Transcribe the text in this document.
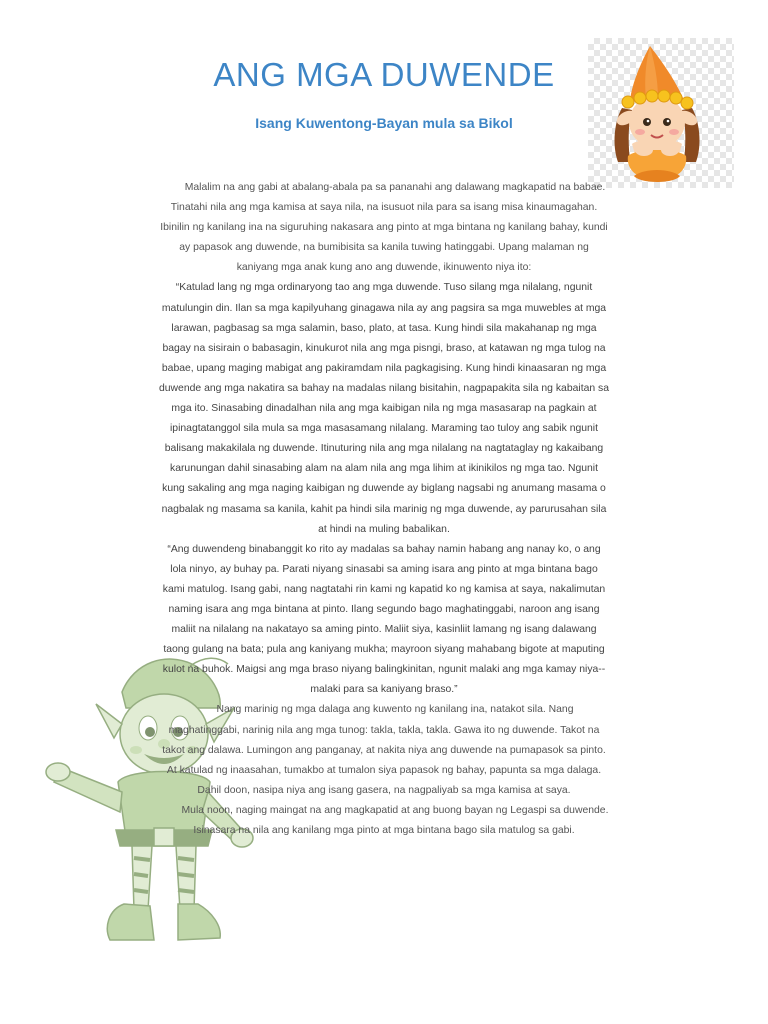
ANG MGA DUWENDE
Isang Kuwentong-Bayan mula sa Bikol

Malalim na ang gabi at abalang-abala pa sa pananahi ang dalawang magkapatid na babae. Tinatahi nila ang mga kamisa at saya nila, na isusuot nila para sa isang misa kinaumagahan. Ibinilin ng kanilang ina na siguruhing nakasara ang pinto at mga bintana ng kanilang bahay, kundi ay papasok ang duwende, na bumibisita sa kanila tuwing hatinggabi. Upang malaman ng kaniyang mga anak kung ano ang duwende, ikinuwento niya ito:

“Katulad lang ng mga ordinaryong tao ang mga duwende. Tuso silang mga nilalang, ngunit matulungin din. Ilan sa mga kapilyuhang ginagawa nila ay ang pagsira sa mga muwebles at mga larawan, pagbasag sa mga salamin, baso, plato, at tasa. Kung hindi sila makahanap ng mga bagay na sisirain o babasagin, kinukurot nila ang mga pisngi, braso, at katawan ng mga tulog na babae, upang maging mabigat ang pakiramdam nila pagkagising. Kung hindi kinaasaran ng mga duwende ang mga nakatira sa bahay na madalas nilang bisitahin, nagpapakita sila ng kabaitan sa mga ito. Sinasabing dinadalhan nila ang mga kaibigan nila ng mga masasarap na pagkain at ipinagtatanggol sila mula sa mga masasamang nilalang. Maraming tao tuloy ang sabik ngunit balisang makakilala ng duwende. Itinuturing nila ang mga nilalang na nagtataglay ng kakaibang karunungan dahil sinasabing alam na alam nila ang mga lihim at ikinikilos ng mga tao. Ngunit kung sakaling ang mga naging kaibigan ng duwende ay biglang nagsabi ng anumang masama o nagbalak ng masama sa kanila, kahit pa hindi sila marinig ng mga duwende, ay parurusahan sila at hindi na muling babalikan.

“Ang duwendeng binabanggit ko rito ay madalas sa bahay namin habang ang nanay ko, o ang lola ninyo, ay buhay pa. Parati niyang sinasabi sa aming isara ang pinto at mga bintana bago kami matulog. Isang gabi, nang nagtatahi rin kami ng kapatid ko ng kamisa at saya, nakalimutan naming isara ang mga bintana at pinto. Ilang segundo bago maghatinggabi, naroon ang isang maliit na nilalang na nakatayo sa aming pinto. Maliit siya, kasinliit lamang ng isang dalawang taong gulang na bata; pula ang kaniyang mukha; mayroon siyang mahabang bigote at maputing kulot na buhok. Maigsi ang mga braso niyang balingkinitan, ngunit malaki ang mga kamay niya--malaki para sa kaniyang braso.”

Nang marinig ng mga dalaga ang kuwento ng kanilang ina, natakot sila. Nang maghatinggabi, narinig nila ang mga tunog: takla, takla, takla. Gawa ito ng duwende. Takot na takot ang dalawa. Lumingon ang panganay, at nakita niya ang duwende na pumapasok sa pinto. At katulad ng inaasahan, tumakbo at tumalon siya papasok ng bahay, papunta sa mga dalaga. Dahil doon, nasipa niya ang isang gasera, na nagpaliyab sa mga kamisa at saya.

Mula noon, naging maingat na ang magkapatid at ang buong bayan ng Legaspi sa duwende. Isinasara na nila ang kanilang mga pinto at mga bintana bago sila matulog sa gabi.
